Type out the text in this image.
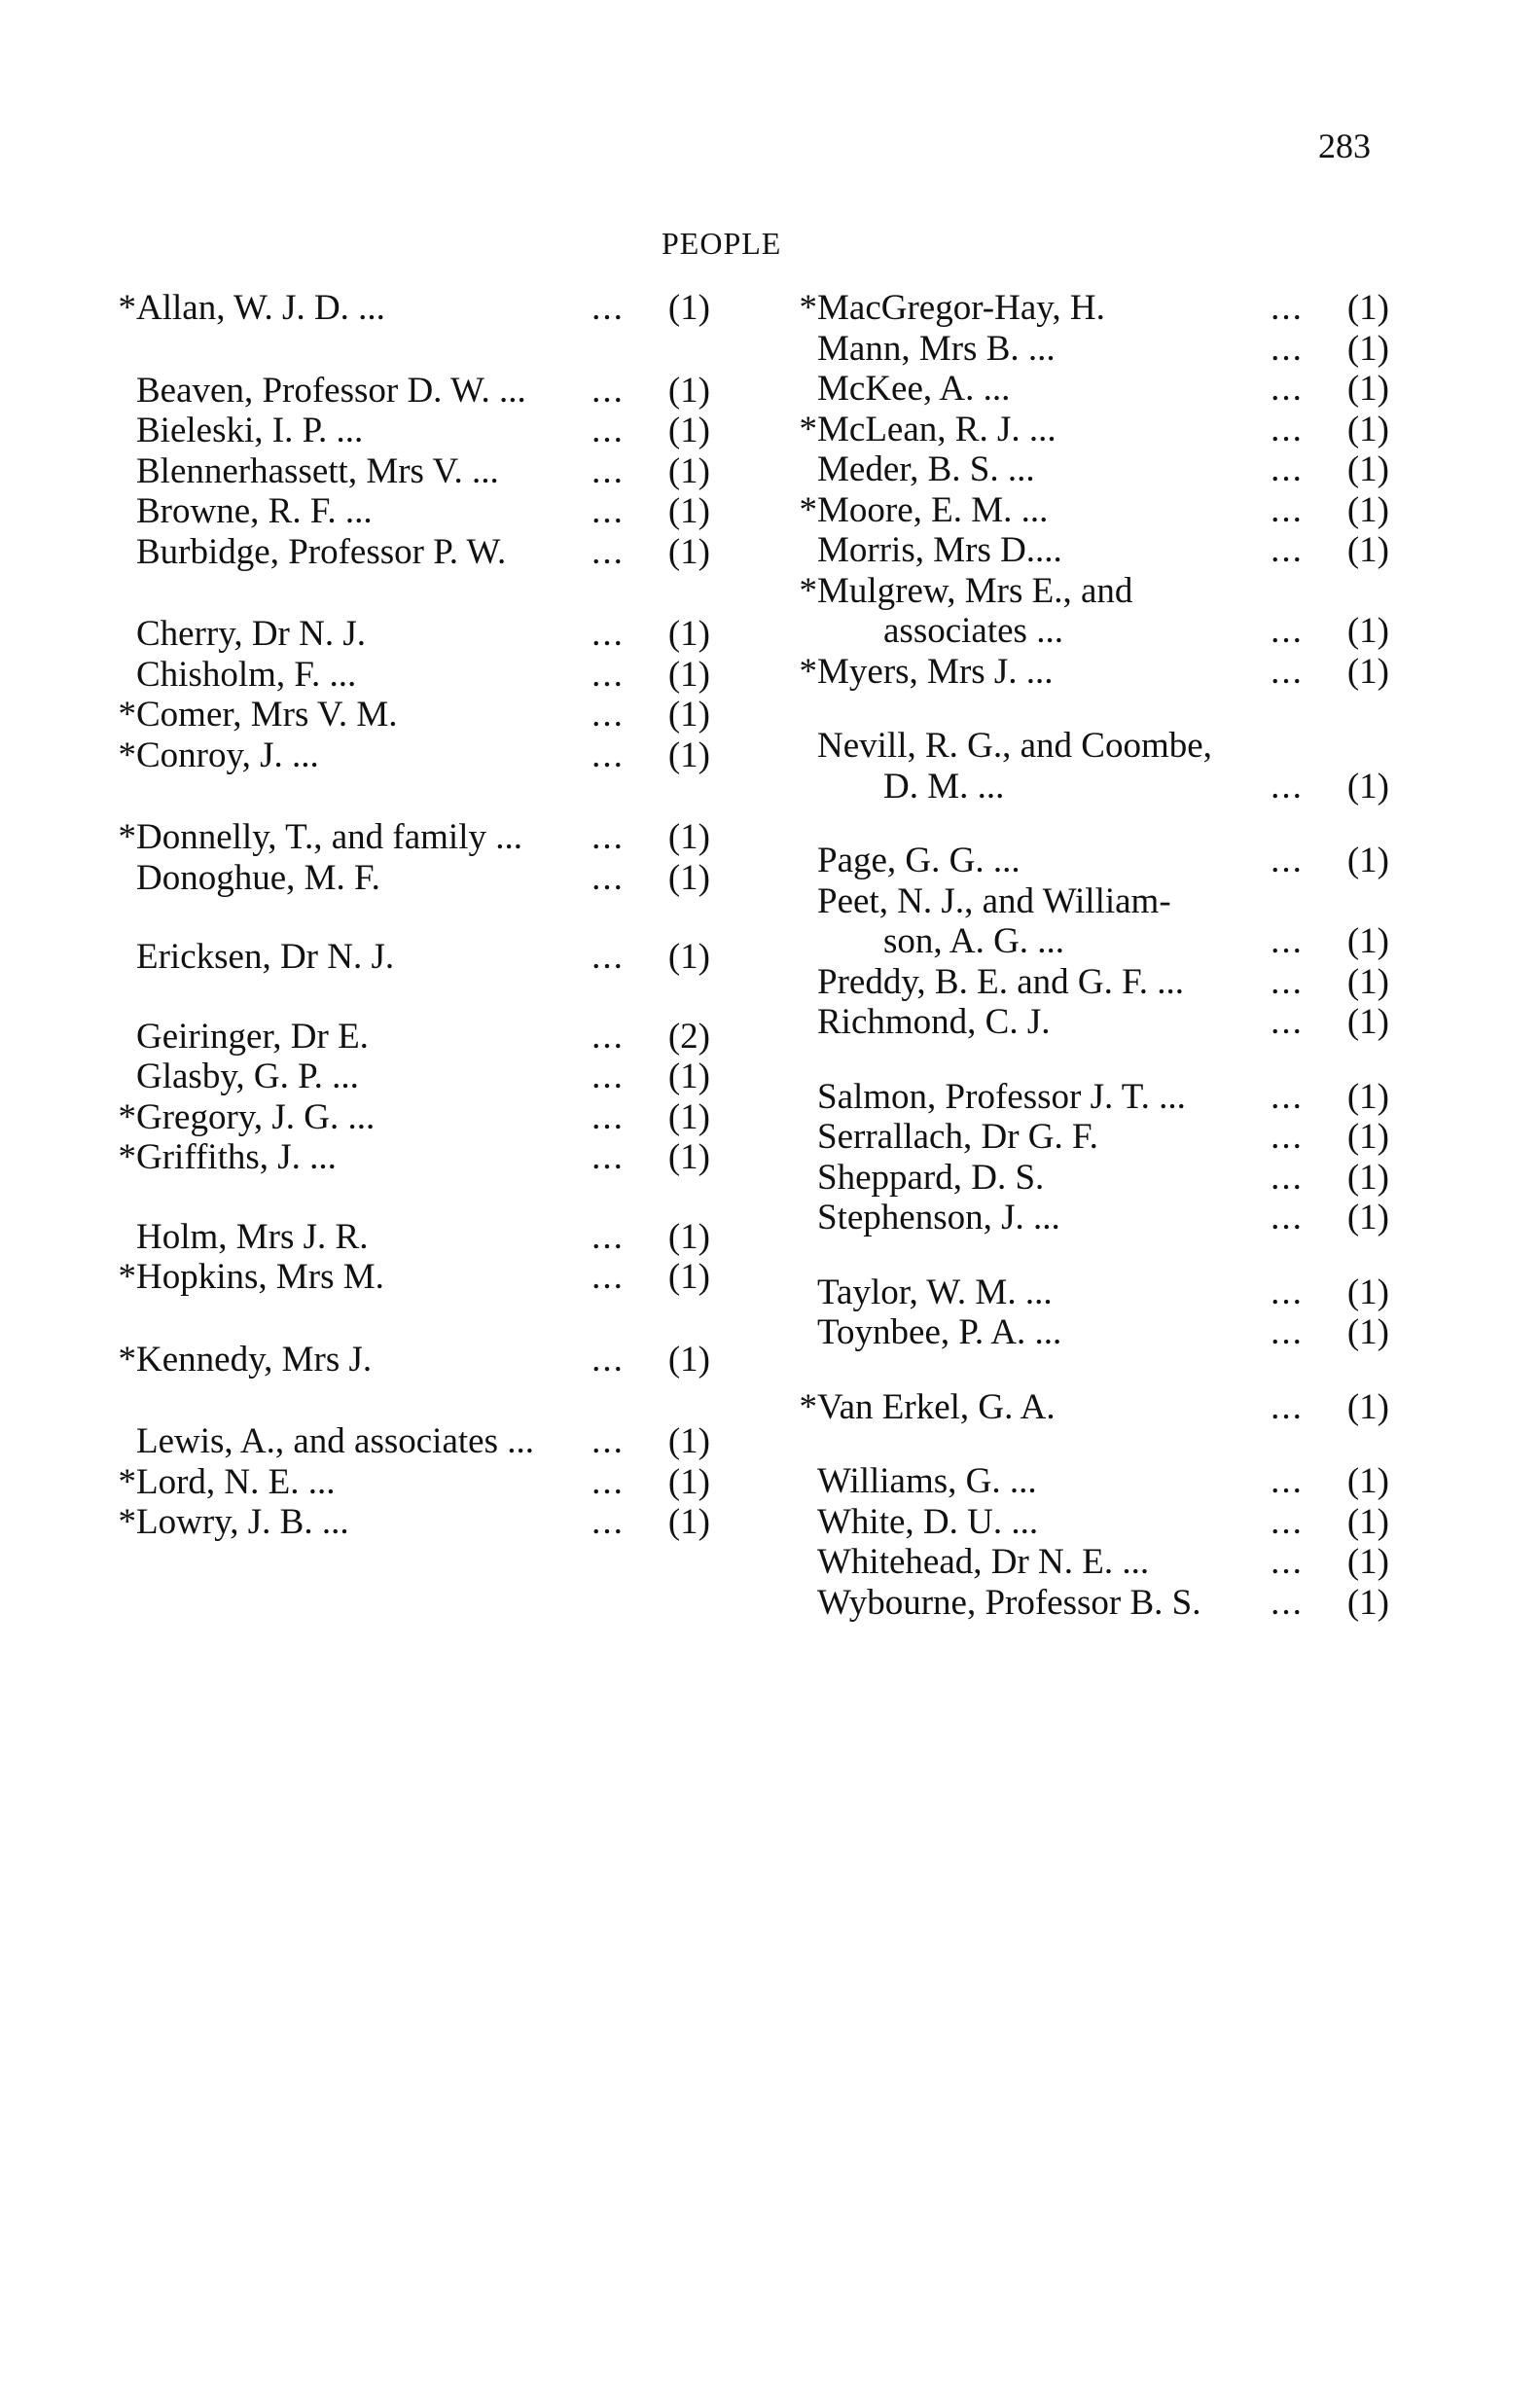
283
PEOPLE
* Allan, W. J. D. ...	...	(1)
Beaven, Professor D. W. ...	...	(1)
Bieleski, I. P. ...	...	(1)
Blennerhassett, Mrs V. ...	...	(1)
Browne, R. F. ...	...	(1)
Burbidge, Professor P. W.	...	(1)
Cherry, Dr N. J.	...	(1)
Chisholm, F. ...	...	(1)
* Comer, Mrs V. M.	...	(1)
* Conroy, J. ...	...	(1)
* Donnelly, T., and family ...	...	(1)
Donoghue, M. F.	...	(1)
Ericksen, Dr N. J.	...	(1)
Geiringer, Dr E.	...	(2)
Glasby, G. P. ...	...	(1)
* Gregory, J. G. ...	...	(1)
* Griffiths, J. ...	...	(1)
Holm, Mrs J. R.	...	(1)
* Hopkins, Mrs M.	...	(1)
* Kennedy, Mrs J.	...	(1)
Lewis, A., and associates ...	...	(1)
* Lord, N. E. ...	...	(1)
* Lowry, J. B. ...	...	(1)
* MacGregor-Hay, H.	...	(1)
Mann, Mrs B. ...	...	(1)
McKee, A. ...	...	(1)
* McLean, R. J. ...	...	(1)
Meder, B. S. ...	...	(1)
* Moore, E. M. ...	...	(1)
Morris, Mrs D....	...	(1)
* Mulgrew, Mrs E., and
associates ...	...	(1)
* Myers, Mrs J. ...	...	(1)
Nevill, R. G., and Coombe,
D. M. ...	...	(1)
Page, G. G. ...	...	(1)
Peet, N. J., and William-
son, A. G. ...	...	(1)
Preddy, B. E. and G. F. ...	...	(1)
Richmond, C. J.	...	(1)
Salmon, Professor J. T. ...	...	(1)
Serrallach, Dr G. F.	...	(1)
Sheppard, D. S.	...	(1)
Stephenson, J. ...	...	(1)
Taylor, W. M. ...	...	(1)
Toynbee, P. A. ...	...	(1)
* Van Erkel, G. A.	...	(1)
Williams, G. ...	...	(1)
White, D. U. ...	...	(1)
Whitehead, Dr N. E. ...	...	(1)
Wybourne, Professor B. S.	...	(1)
